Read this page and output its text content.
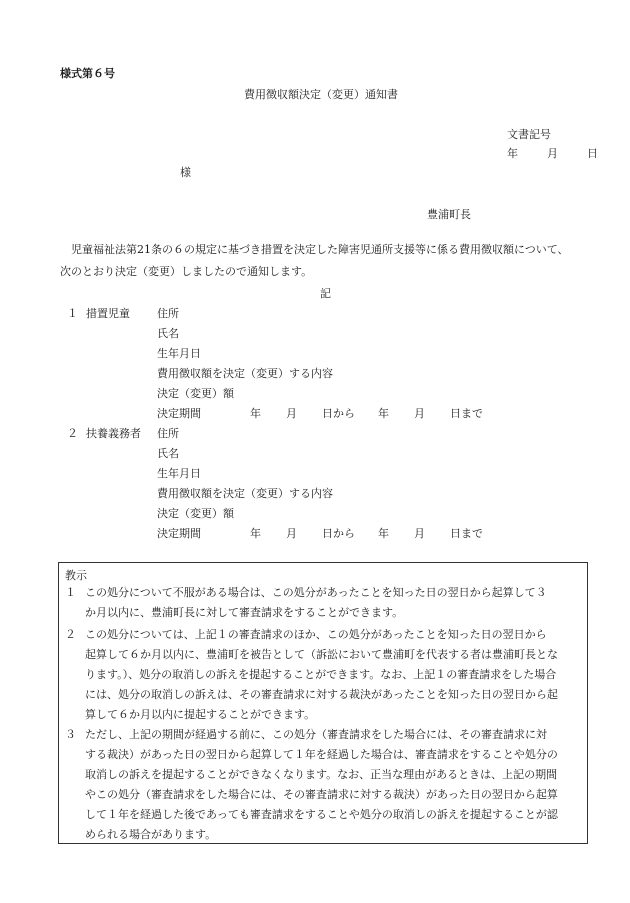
様式第６号
費用徴収額決定（変更）通知書
文書記号
年	月	日
様
豊浦町長
児童福祉法第21条の６の規定に基づき措置を決定した障害児通所支援等に係る費用徴収額について、
次のとおり決定（変更）しましたので通知します。
記
１ 措置児童 住所
氏名
生年月日
費用徴収額を決定（変更）する内容
決定（変更）額
決定期間	年 月 日から 年 月 日まで
２ 扶養義務者 住所
氏名
生年月日
費用徴収額を決定（変更）する内容
決定（変更）額
決定期間	年 月 日から 年 月 日まで
教示
１ この処分について不服がある場合は、この処分があったことを知った日の翌日から起算して３
か月以内に、豊浦町長に対して審査請求をすることができます。
２ この処分については、上記１の審査請求のほか、この処分があったことを知った日の翌日から
起算して６か月以内に、豊浦町を被告として（訴訟において豊浦町を代表する者は豊浦町長とな
ります。）、処分の取消しの訴えを提起することができます。なお、上記１の審査請求をした場合
には、処分の取消しの訴えは、その審査請求に対する裁決があったことを知った日の翌日から起
算して６か月以内に提起することができます。
３ ただし、上記の期間が経過する前に、この処分（審査請求をした場合には、その審査請求に対
する裁決）があった日の翌日から起算して１年を経過した場合は、審査請求をすることや処分の
取消しの訴えを提起することができなくなります。なお、正当な理由があるときは、上記の期間
やこの処分（審査請求をした場合には、その審査請求に対する裁決）があった日の翌日から起算
して１年を経過した後であっても審査請求をすることや処分の取消しの訴えを提起することが認
められる場合があります。
